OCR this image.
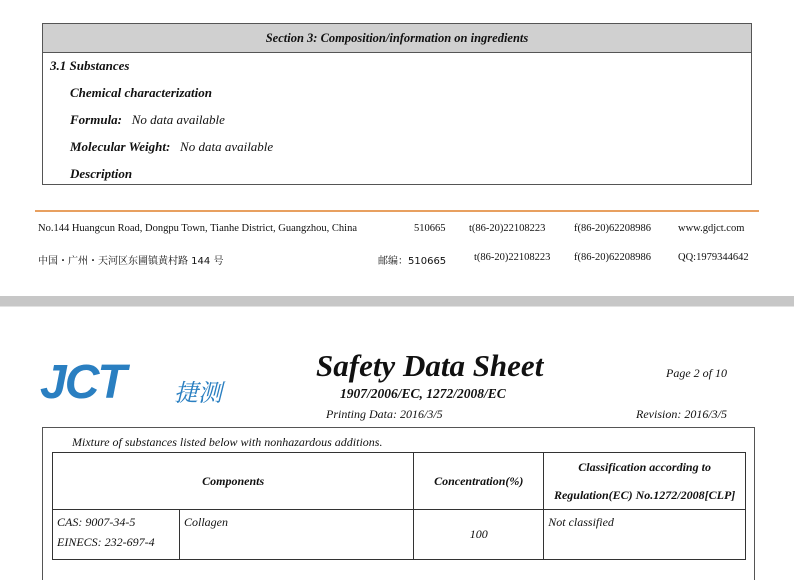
Section 3: Composition/information on ingredients
3.1 Substances
Chemical characterization
Formula: No data available
Molecular Weight: No data available
Description
No.144 Huangcun Road, Dongpu Town, Tianhe District, Guangzhou, China	510665	t(86-20)22108223	f(86-20)62208986	www.gdjct.com
中国・广州・天河区东圃镇黄村路 144 号	邮编：510665	t(86-20)22108223	f(86-20)62208986	QQ:1979344642
JCT 捷测
Safety Data Sheet
1907/2006/EC, 1272/2008/EC
Printing Data: 2016/3/5
Page 2 of 10
Revision: 2016/3/5
Mixture of substances listed below with nonhazardous additions.
Components		Concentration(%)	Classification according to
Regulation(EC) No.1272/2008[CLP]

CAS: 9007-34-5
EINECS: 232-697-4	Collagen	100	Not classified
